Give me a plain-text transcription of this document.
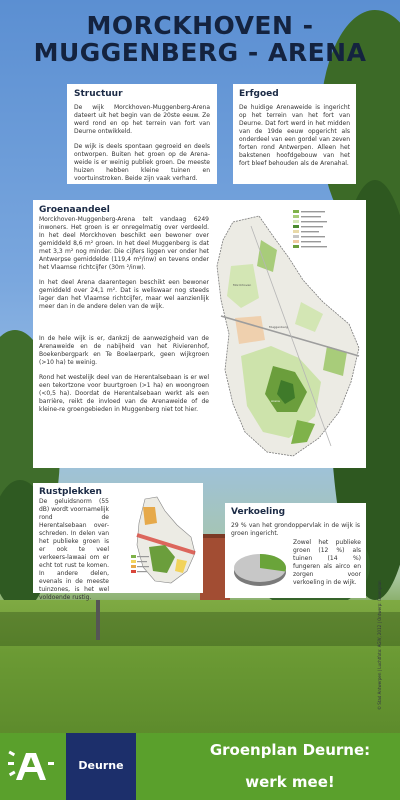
MORCKHOVEN -
MUGGENBERG - ARENA
Structuur

De wijk Morckhoven-Muggenberg-Arena dateert uit het begin van de 20ste eeuw. Ze werd rond en op het terrein van fort van Deurne ontwikkeld.

De wijk is deels spontaan gegroeid en deels ontworpen. Buiten het groen op de Arena-weide is er weinig publiek groen. De meeste huizen hebben kleine tuinen en voortuinstroken. Beide zijn vaak verhard.

Erfgoed

De huidige Arenaweide is ingericht op het terrein van het fort van Deurne. Dat fort werd in het midden van de 19de eeuw opgericht als onderdeel van een gordel van zeven forten rond Antwerpen. Alleen het bakstenen hoofdgebouw van het fort bleef behouden als de Arenahal.

Groenaandeel

Morckhoven-Muggenberg-Arena telt vandaag 6249 inwoners. Het groen is er onregelmatig over verdeeld. In het deel Morckhoven beschikt een bewoner over gemiddeld 8,6 m² groen. In het deel Muggenberg is dat met 3,3 m² nog minder. Die cijfers liggen ver onder het Antwerpse gemiddelde (119,4 m²/inw) en tevens onder het Vlaamse richtcijfer (30m ²/inw).

In het deel Arena daarentegen beschikt een bewoner gemiddeld over 24,1 m². Dat is weliswaar nog steeds lager dan het Vlaamse richtcijfer, maar wel aanzienlijk meer dan in de andere delen van de wijk.

In de hele wijk is er, dankzij de aanwezigheid van de Arenaweide en de nabijheid van het Rivierenhof, Boekenbergpark en Te Boelaerpark, geen wijkgroen (>10 ha) te weinig.

Rond het westelijk deel van de Herentalsebaan is er wel een tekortzone voor buurtgroen (>1 ha) en woongroen (<0,5 ha). Doordat de Herentalsebaan werkt als een barrière, reikt de invloed van de Arenaweide of de kleine-re groengebieden in Muggenberg niet tot hier.

Muggenberg
Arena
Morckhoven
Rustplekken

De geluidsnorm (55 dB) wordt voornamelijk rond de Herentalsebaan over-schreden. In delen van het publieke groen is er ook te veel verkeers-lawaai om er echt tot rust te komen. In andere delen, evenals in de meeste tuinzones, is het wel voldoende rustig.

Verkoeling

29 % van het grondoppervlak in de wijk is groen ingericht.

Zowel het publieke groen (12 %) als tuinen (14 %) fungeren als airco en zorgen voor verkoeling in de wijk.	© Stad Antwerpen | Luchtfoto: AGIV, 2012 | Ontwerp: Groenplan
Deurne
Groenplan Deurne:
werk mee!
